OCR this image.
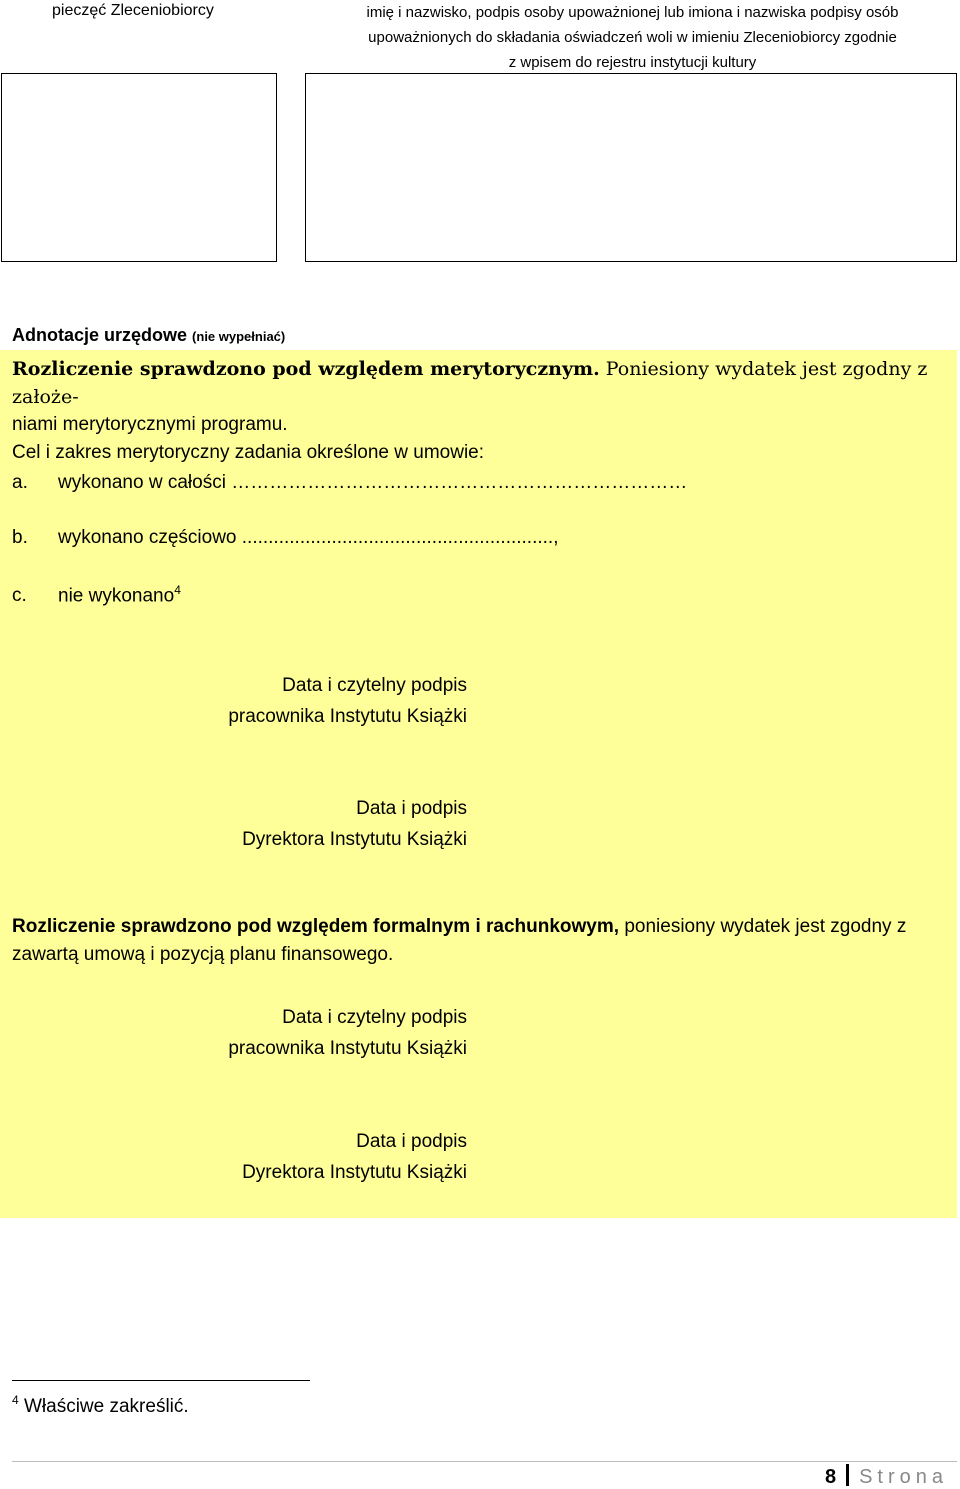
pieczęć Zleceniobiorcy	imię i nazwisko, podpis osoby upoważnionej lub imiona i nazwiska podpisy osób
upoważnionych do składania oświadczeń woli w imieniu Zleceniobiorcy zgodnie
z wpisem do rejestru instytucji kultury
Adnotacje urzędowe (nie wypełniać)
Rozliczenie sprawdzono pod względem merytorycznym. Poniesiony wydatek jest zgodny z założe-
niami merytorycznymi programu.
Cel i zakres merytoryczny zadania określone w umowie:
a. wykonano w całości ………………………………………………………………
b. wykonano częściowo ...........................................................,
c. nie wykonano$^4$
Data i czytelny podpis
pracownika Instytutu Książki
Data i podpis
Dyrektora Instytutu Książki
Rozliczenie sprawdzono pod względem formalnym i rachunkowym, poniesiony wydatek jest zgodny z zawartą umową i pozycją planu finansowego.
Data i czytelny podpis
pracownika Instytutu Książki
Data i podpis
Dyrektora Instytutu Książki
$^4$ Właściwe zakreślić.
8 Strona
